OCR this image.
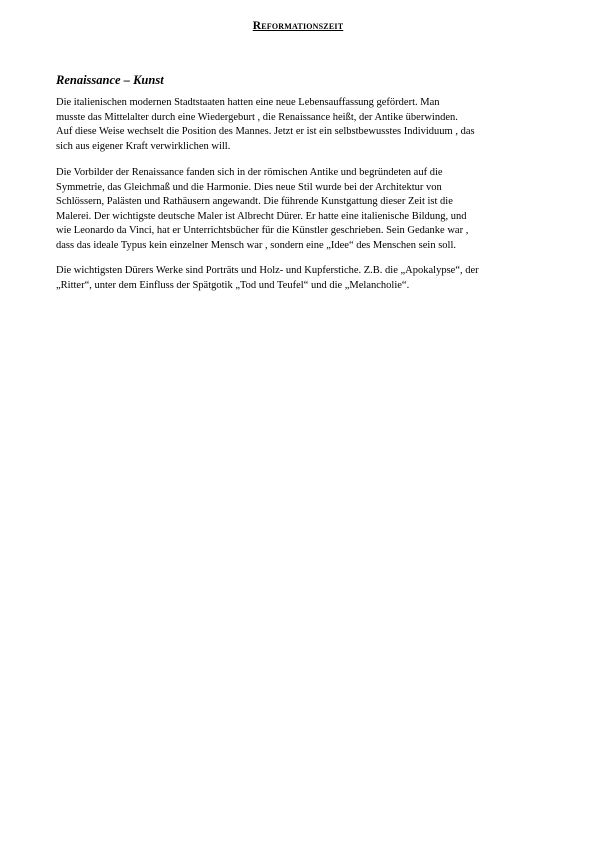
Reformationszeit
Renaissance – Kunst

Die italienischen modernen Stadtstaaten hatten eine neue Lebensauffassung gefördert. Man
musste das Mittelalter durch eine Wiedergeburt , die Renaissance heißt, der Antike überwinden.
Auf diese Weise wechselt die Position des Mannes. Jetzt er ist ein selbstbewusstes Individuum , das
sich aus eigener Kraft verwirklichen will.

Die Vorbilder der Renaissance fanden sich in der römischen Antike und begründeten auf die
Symmetrie, das Gleichmaß und die Harmonie. Dies neue Stil wurde bei der Architektur von
Schlössern, Palästen und Rathäusern angewandt. Die führende Kunstgattung dieser Zeit ist die
Malerei. Der wichtigste deutsche Maler ist Albrecht Dürer. Er hatte eine italienische Bildung, und
wie Leonardo da Vinci, hat er Unterrichtsbücher für die Künstler geschrieben. Sein Gedanke war ,
dass das ideale Typus kein einzelner Mensch war , sondern eine „Idee“ des Menschen sein soll.

Die wichtigsten Dürers Werke sind Porträts und Holz- und Kupferstiche. Z.B. die „Apokalypse“, der
„Ritter“, unter dem Einfluss der Spätgotik „Tod und Teufel“ und die „Melancholie“.
